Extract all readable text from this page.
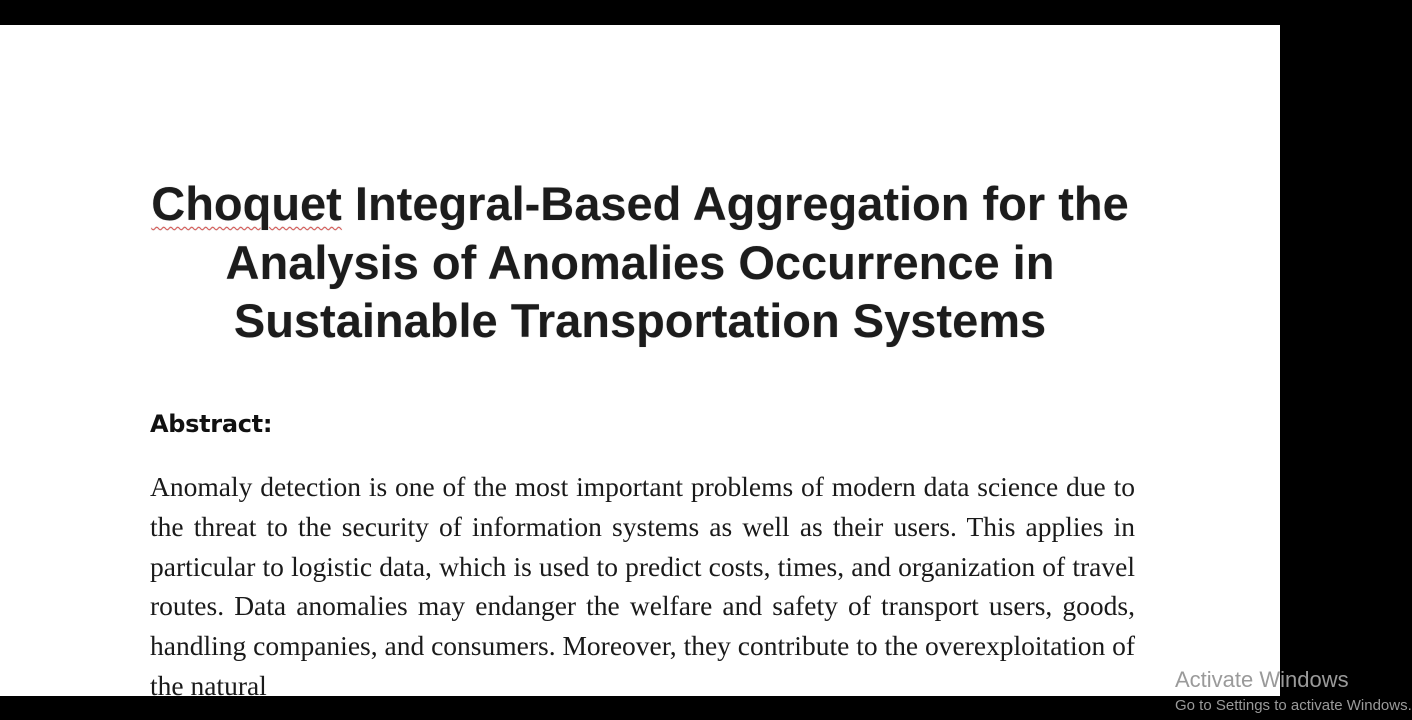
Choquet Integral-Based Aggregation for the Analysis of Anomalies Occurrence in Sustainable Transportation Systems
Abstract:

Anomaly detection is one of the most important problems of modern data science due to the threat to the security of information systems as well as their users. This applies in particular to logistic data, which is used to predict costs, times, and organization of travel routes. Data anomalies may endanger the welfare and safety of transport users, goods, handling companies, and consumers. Moreover, they contribute to the overexploitation of the natural	Activate Windows
Go to Settings to activate Windows.
